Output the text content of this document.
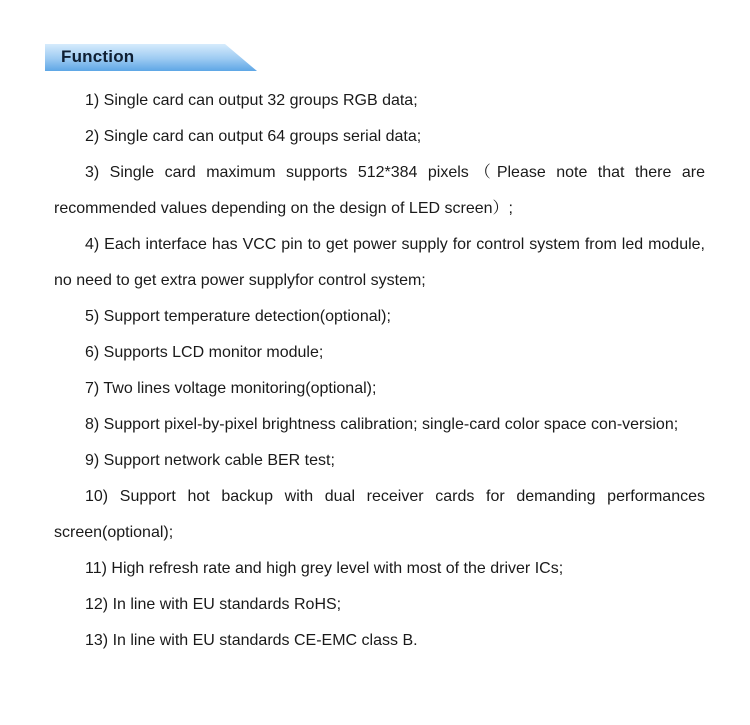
Function

1) Single card can output 32 groups RGB data;

2) Single card can output 64 groups serial data;

3) Single card maximum supports 512*384 pixels（Please note that there are recommended values depending on the design of LED screen）;

4) Each interface has VCC pin to get power supply for control system from led module, no need to get extra power supplyfor control system;

5) Support temperature detection(optional);

6) Supports LCD monitor module;

7) Two lines voltage monitoring(optional);

8) Support pixel-by-pixel brightness calibration; single-card color space con-version;

9) Support network cable BER test;

10) Support hot backup with dual receiver cards for demanding performances screen(optional);

11) High refresh rate and high grey level with most of the driver ICs;

12) In line with EU standards RoHS;

13) In line with EU standards CE-EMC class B.
